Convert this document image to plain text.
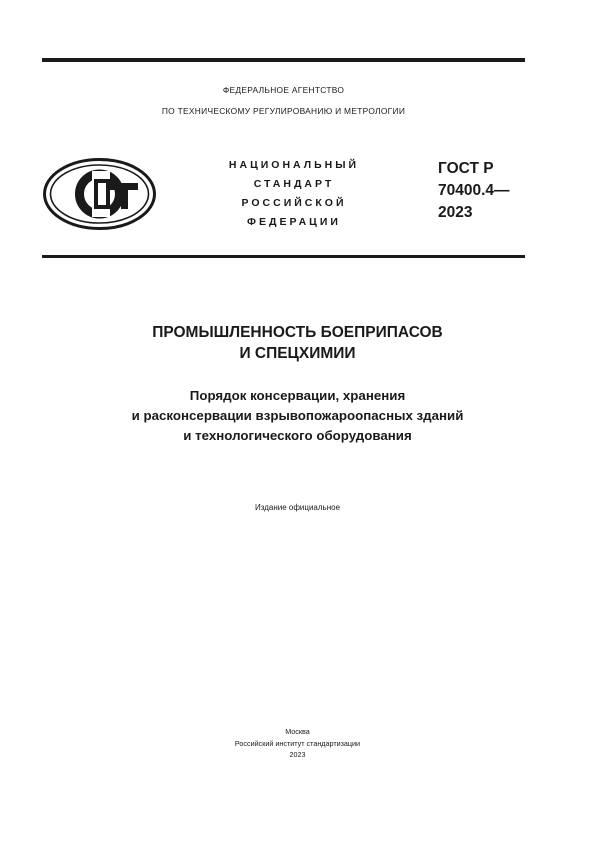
ФЕДЕРАЛЬНОЕ АГЕНТСТВО
ПО ТЕХНИЧЕСКОМУ РЕГУЛИРОВАНИЮ И МЕТРОЛОГИИ
НАЦИОНАЛЬНЫЙ
СТАНДАРТ
РОССИЙСКОЙ
ФЕДЕРАЦИИ
ГОСТ Р
70400.4—
2023
ПРОМЫШЛЕННОСТЬ БОЕПРИПАСОВ
И СПЕЦХИМИИ
Порядок консервации, хранения
и расконсервации взрывопожароопасных зданий
и технологического оборудования
Издание официальное
Москва
Российский институт стандартизации
2023
